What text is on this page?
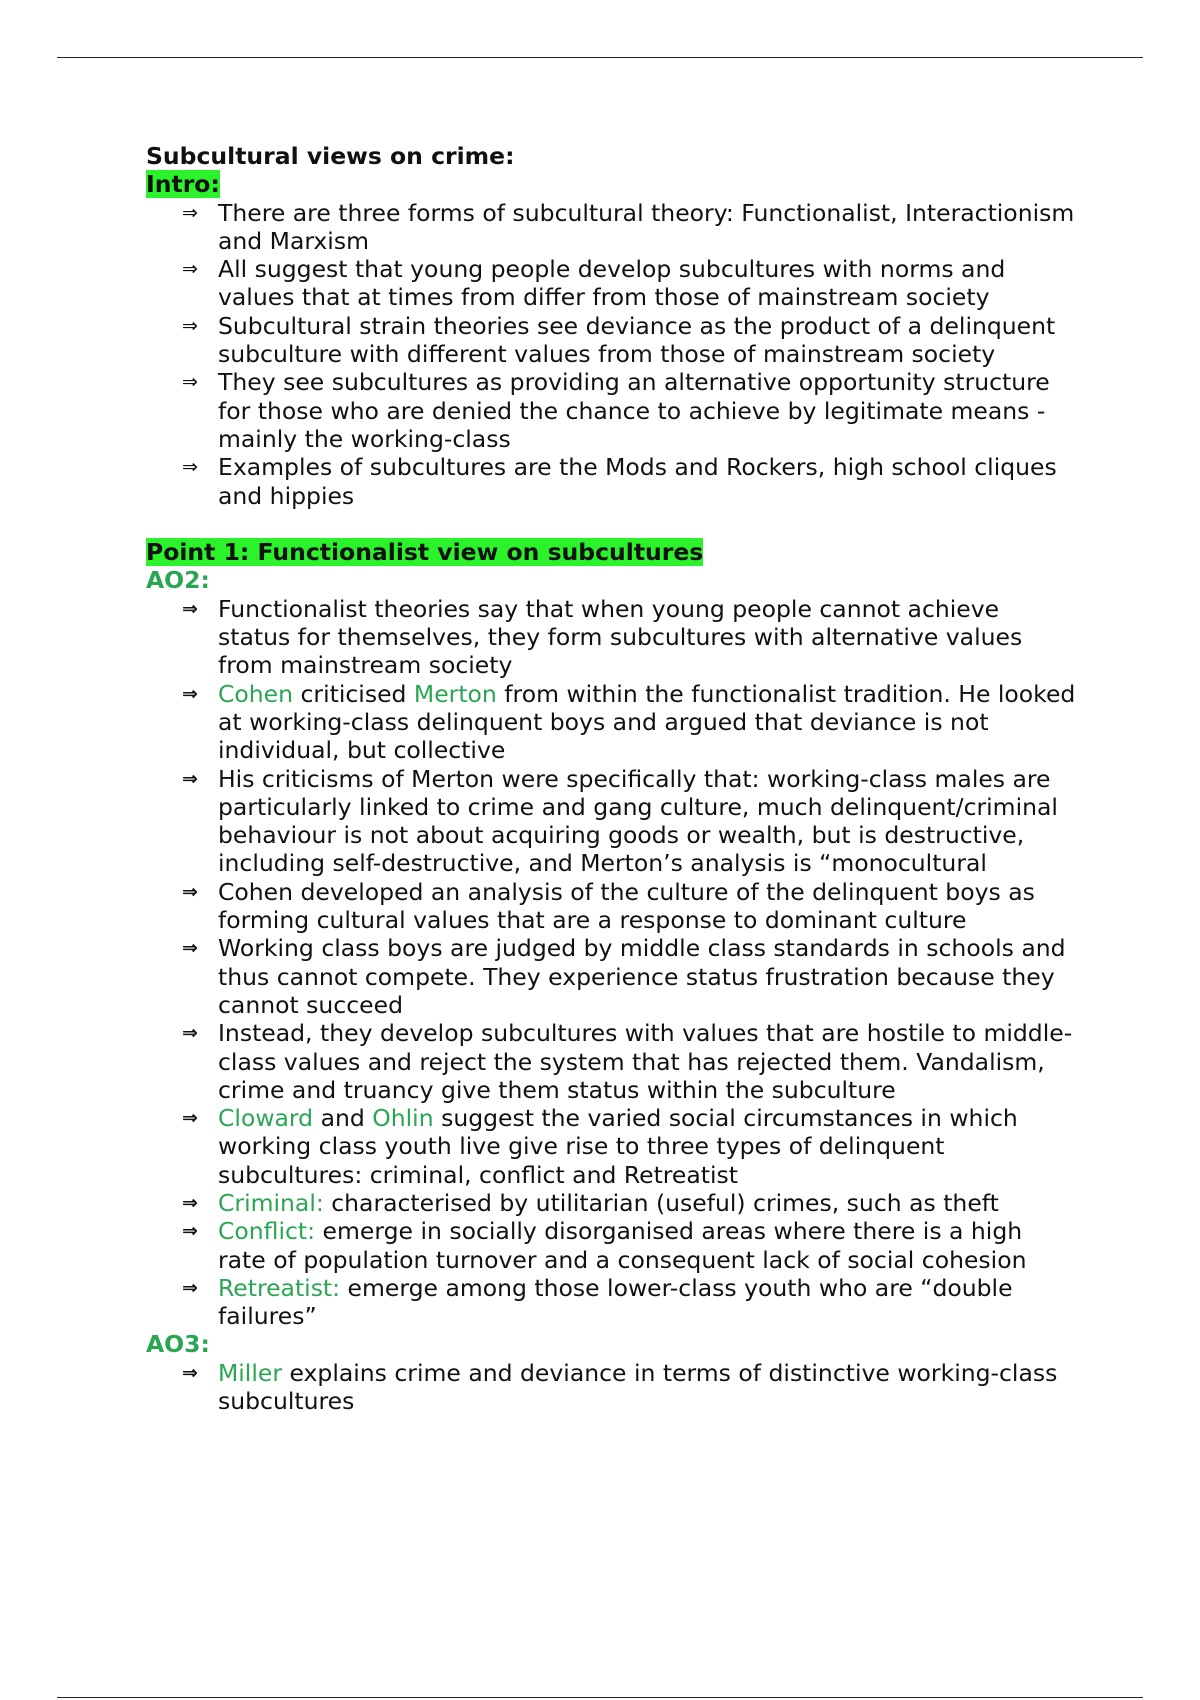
Subcultural views on crime:

Intro:
⇒ There are three forms of subcultural theory: Functionalist, Interactionism and Marxism
⇒ All suggest that young people develop subcultures with norms and values that at times from differ from those of mainstream society
⇒ Subcultural strain theories see deviance as the product of a delinquent subculture with different values from those of mainstream society
⇒ They see subcultures as providing an alternative opportunity structure for those who are denied the chance to achieve by legitimate means - mainly the working-class
⇒ Examples of subcultures are the Mods and Rockers, high school cliques and hippies
Point 1: Functionalist view on subcultures
AO2:
⇒ Functionalist theories say that when young people cannot achieve status for themselves, they form subcultures with alternative values from mainstream society
⇒ Cohen criticised Merton from within the functionalist tradition. He looked at working-class delinquent boys and argued that deviance is not individual, but collective
⇒ His criticisms of Merton were specifically that: working-class males are particularly linked to crime and gang culture, much delinquent/criminal behaviour is not about acquiring goods or wealth, but is destructive, including self-destructive, and Merton’s analysis is “monocultural
⇒ Cohen developed an analysis of the culture of the delinquent boys as forming cultural values that are a response to dominant culture
⇒ Working class boys are judged by middle class standards in schools and thus cannot compete. They experience status frustration because they cannot succeed
⇒ Instead, they develop subcultures with values that are hostile to middle-class values and reject the system that has rejected them. Vandalism, crime and truancy give them status within the subculture
⇒ Cloward and Ohlin suggest the varied social circumstances in which working class youth live give rise to three types of delinquent subcultures: criminal, conflict and Retreatist
⇒ Criminal: characterised by utilitarian (useful) crimes, such as theft
⇒ Conflict: emerge in socially disorganised areas where there is a high rate of population turnover and a consequent lack of social cohesion
⇒ Retreatist: emerge among those lower-class youth who are “double failures”
AO3:
⇒ Miller explains crime and deviance in terms of distinctive working-class subcultures
